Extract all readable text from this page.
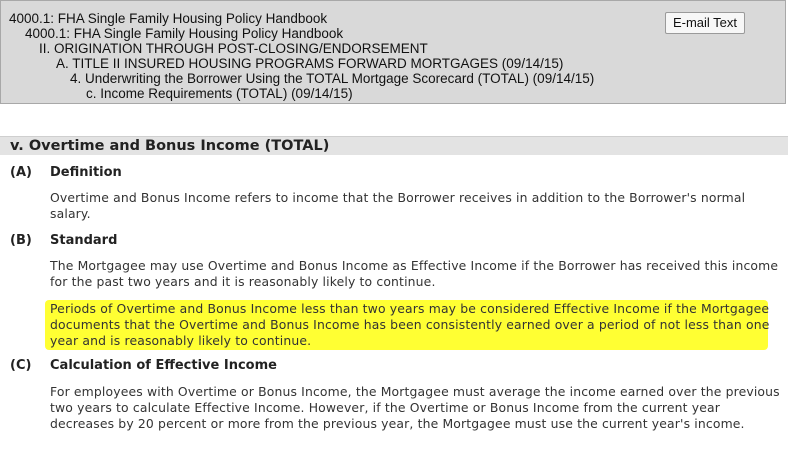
4000.1: FHA Single Family Housing Policy Handbook
4000.1: FHA Single Family Housing Policy Handbook
II. ORIGINATION THROUGH POST-CLOSING/ENDORSEMENT
A. TITLE II INSURED HOUSING PROGRAMS FORWARD MORTGAGES (09/14/15)
4. Underwriting the Borrower Using the TOTAL Mortgage Scorecard (TOTAL) (09/14/15)
c. Income Requirements (TOTAL) (09/14/15)
E-mail Text
v. Overtime and Bonus Income (TOTAL)
(A) Definition
Overtime and Bonus Income refers to income that the Borrower receives in addition to the Borrower's normal salary.
(B) Standard
The Mortgagee may use Overtime and Bonus Income as Effective Income if the Borrower has received this income for the past two years and it is reasonably likely to continue.
Periods of Overtime and Bonus Income less than two years may be considered Effective Income if the Mortgagee documents that the Overtime and Bonus Income has been consistently earned over a period of not less than one year and is reasonably likely to continue.
(C) Calculation of Effective Income
For employees with Overtime or Bonus Income, the Mortgagee must average the income earned over the previous two years to calculate Effective Income. However, if the Overtime or Bonus Income from the current year decreases by 20 percent or more from the previous year, the Mortgagee must use the current year's income.
